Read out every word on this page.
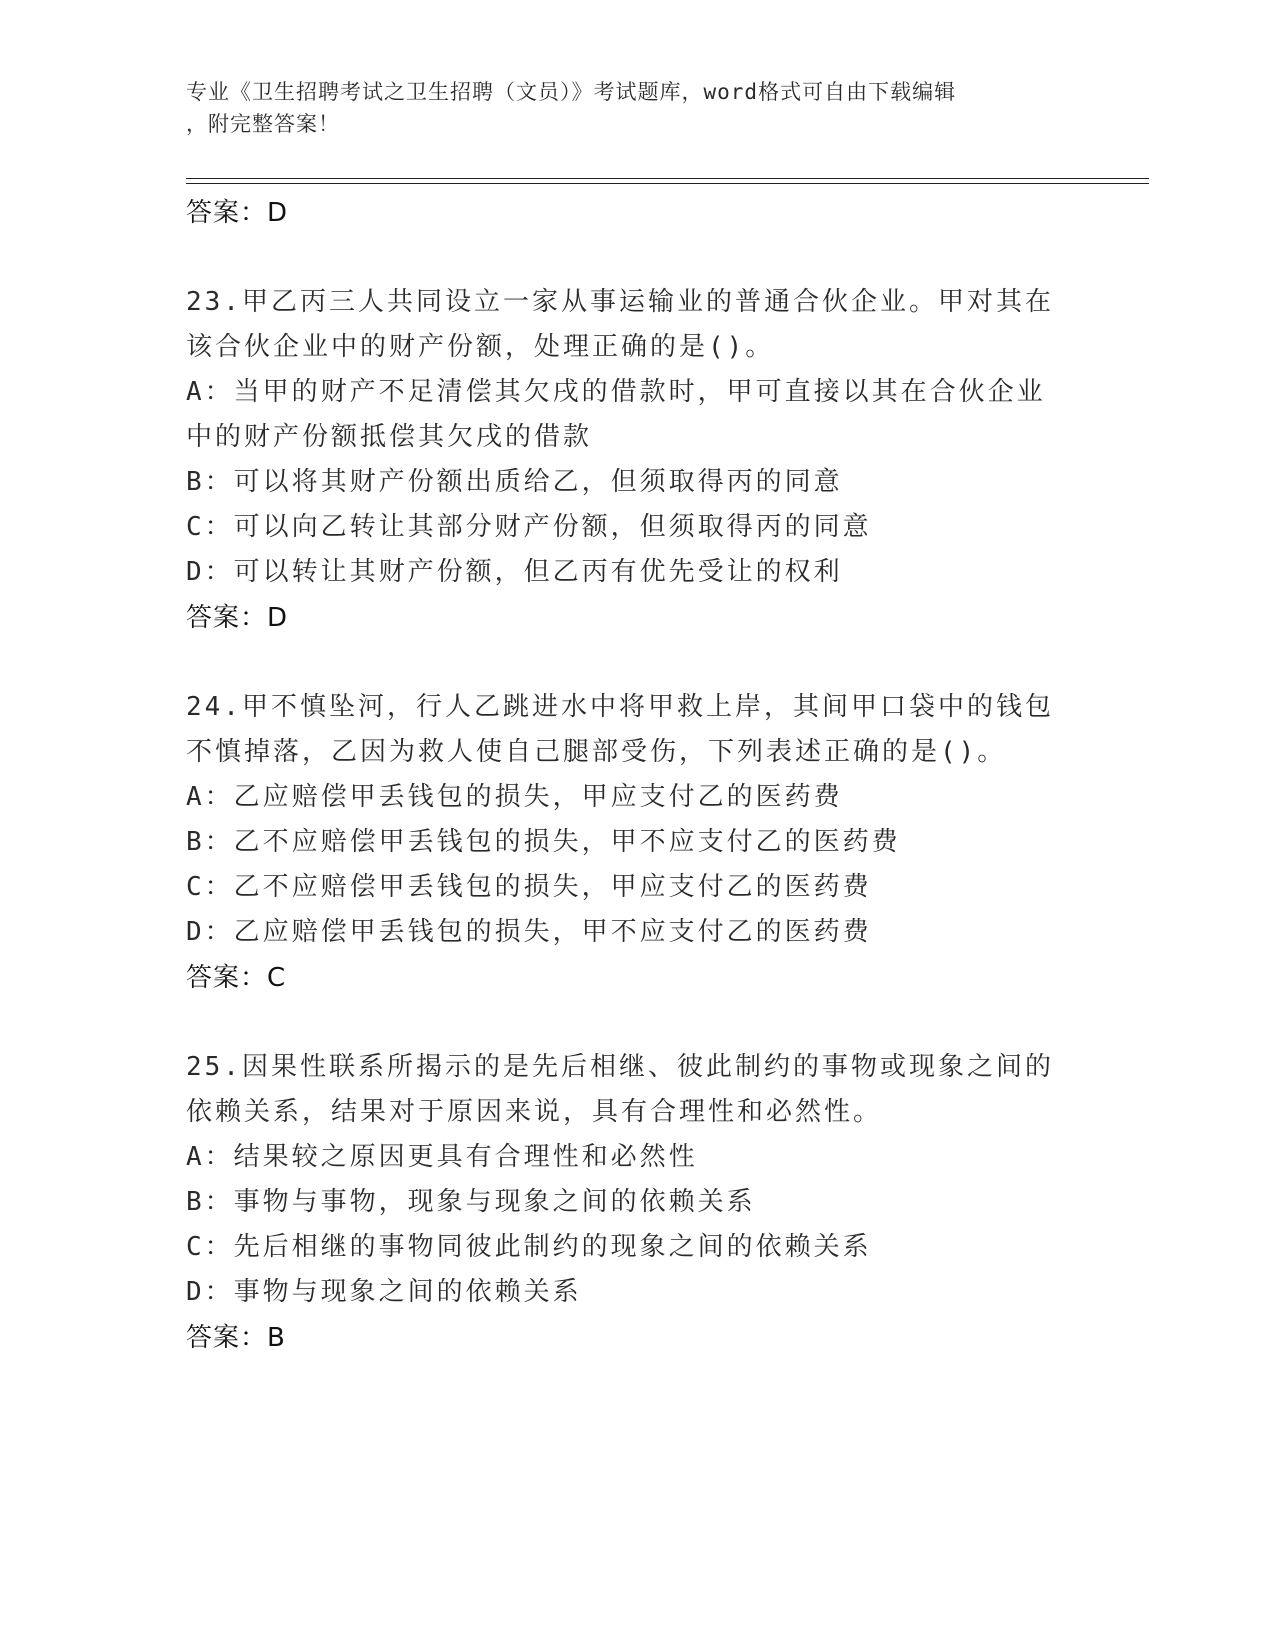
专业《卫生招聘考试之卫生招聘（文员）》考试题库，word格式可自由下载编辑
，附完整答案！
答案：D
23.甲乙丙三人共同设立一家从事运输业的普通合伙企业。甲对其在该合伙企业中的财产份额，处理正确的是()。
A：当甲的财产不足清偿其欠戌的借款时，甲可直接以其在合伙企业中的财产份额抵偿其欠戌的借款
B：可以将其财产份额出质给乙，但须取得丙的同意
C：可以向乙转让其部分财产份额，但须取得丙的同意
D：可以转让其财产份额，但乙丙有优先受让的权利
答案：D
24.甲不慎坠河，行人乙跳进水中将甲救上岸，其间甲口袋中的钱包不慎掉落，乙因为救人使自己腿部受伤，下列表述正确的是()。
A：乙应赔偿甲丢钱包的损失，甲应支付乙的医药费
B：乙不应赔偿甲丢钱包的损失，甲不应支付乙的医药费
C：乙不应赔偿甲丢钱包的损失，甲应支付乙的医药费
D：乙应赔偿甲丢钱包的损失，甲不应支付乙的医药费
答案：C
25.因果性联系所揭示的是先后相继、彼此制约的事物或现象之间的依赖关系，结果对于原因来说，具有合理性和必然性。
A：结果较之原因更具有合理性和必然性
B：事物与事物，现象与现象之间的依赖关系
C：先后相继的事物同彼此制约的现象之间的依赖关系
D：事物与现象之间的依赖关系
答案：B
